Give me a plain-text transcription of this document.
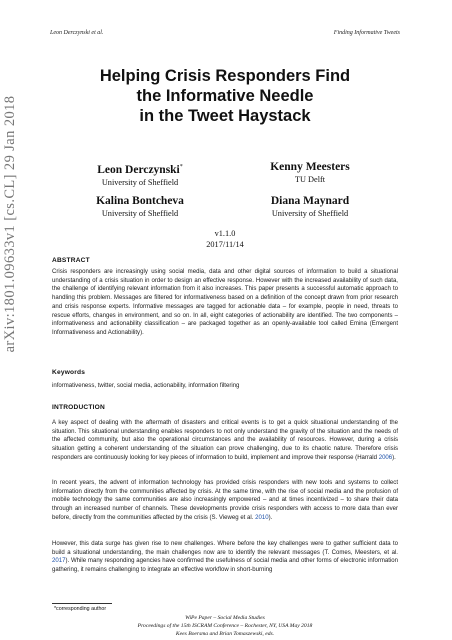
Leon Derczynski et al.	Finding Informative Tweets
arXiv:1801.09633v1 [cs.CL] 29 Jan 2018
Helping Crisis Responders Find
the Informative Needle
in the Tweet Haystack
Leon Derczynski*
University of Sheffield
Kenny Meesters
TU Delft
Kalina Bontcheva
University of Sheffield
Diana Maynard
University of Sheffield
v1.1.0
2017/11/14
ABSTRACT
Crisis responders are increasingly using social media, data and other digital sources of information to build a situational understanding of a crisis situation in order to design an effective response. However with the increased availability of such data, the challenge of identifying relevant information from it also increases. This paper presents a successful automatic approach to handling this problem. Messages are filtered for informativeness based on a definition of the concept drawn from prior research and crisis response experts. Informative messages are tagged for actionable data – for example, people in need, threats to rescue efforts, changes in environment, and so on. In all, eight categories of actionability are identified. The two components – informativeness and actionability classification – are packaged together as an openly-available tool called Emina (Emergent Informativeness and Actionability).
Keywords
informativeness, twitter, social media, actionability, information filtering
INTRODUCTION
A key aspect of dealing with the aftermath of disasters and critical events is to get a quick situational understanding of the situation. This situational understanding enables responders to not only understand the gravity of the situation and the needs of the affected community, but also the operational circumstances and the availability of resources. However, during a crisis situation getting a coherent understanding of the situation can prove challenging, due to its chaotic nature. Therefore crisis responders are continuously looking for key pieces of information to build, implement and improve their response (Harrald 2006).
In recent years, the advent of information technology has provided crisis responders with new tools and systems to collect information directly from the communities affected by crisis. At the same time, with the rise of social media and the profusion of mobile technology the same communities are also increasingly empowered – and at times incentivized – to share their data through an increased number of channels. These developments provide crisis responders with access to more data than ever before, directly from the communities affected by the crisis (S. Vieweg et al. 2010).
However, this data surge has given rise to new challenges. Where before the key challenges were to gather sufficient data to build a situational understanding, the main challenges now are to identify the relevant messages (T. Comes, Meesters, et al. 2017). While many responding agencies have confirmed the usefulness of social media and other forms of electronic information gathering, it remains challenging to integrate an effective workflow in short-burning
*corresponding author
WiPe Paper – Social Media Studies
Proceedings of the 15th ISCRAM Conference – Rochester, NY, USA May 2018
Kees Boersma and Brian Tomaszewski, eds.
